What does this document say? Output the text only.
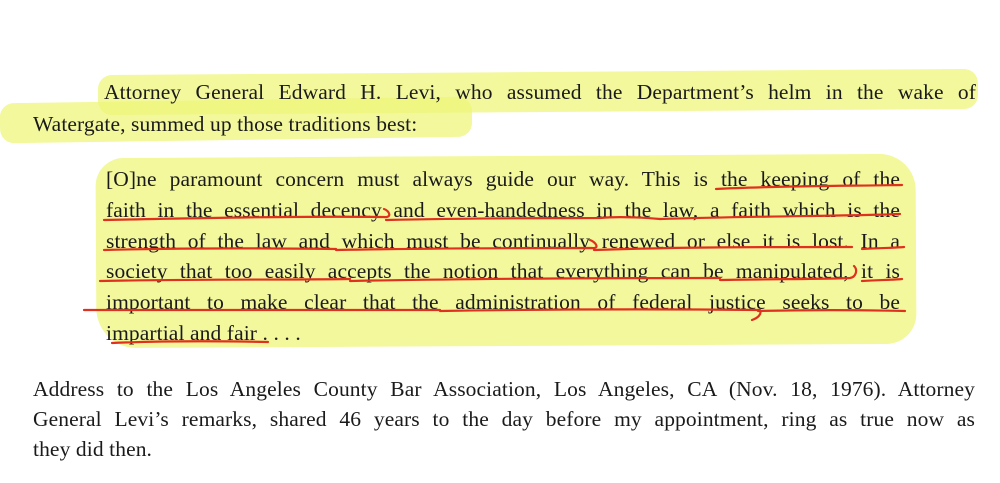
Attorney General Edward H. Levi, who assumed the Department’s helm in the wake of
Watergate, summed up those traditions best:
[O]ne paramount concern must always guide our way. This is the keeping of the
faith in the essential decency and even-handedness in the law, a faith which is the
strength of the law and which must be continually renewed or else it is lost. In a
society that too easily accepts the notion that everything can be manipulated, it is
important to make clear that the administration of federal justice seeks to be
impartial and fair . . . .
Address to the Los Angeles County Bar Association, Los Angeles, CA (Nov. 18, 1976). Attorney
General Levi’s remarks, shared 46 years to the day before my appointment, ring as true now as
they did then.
